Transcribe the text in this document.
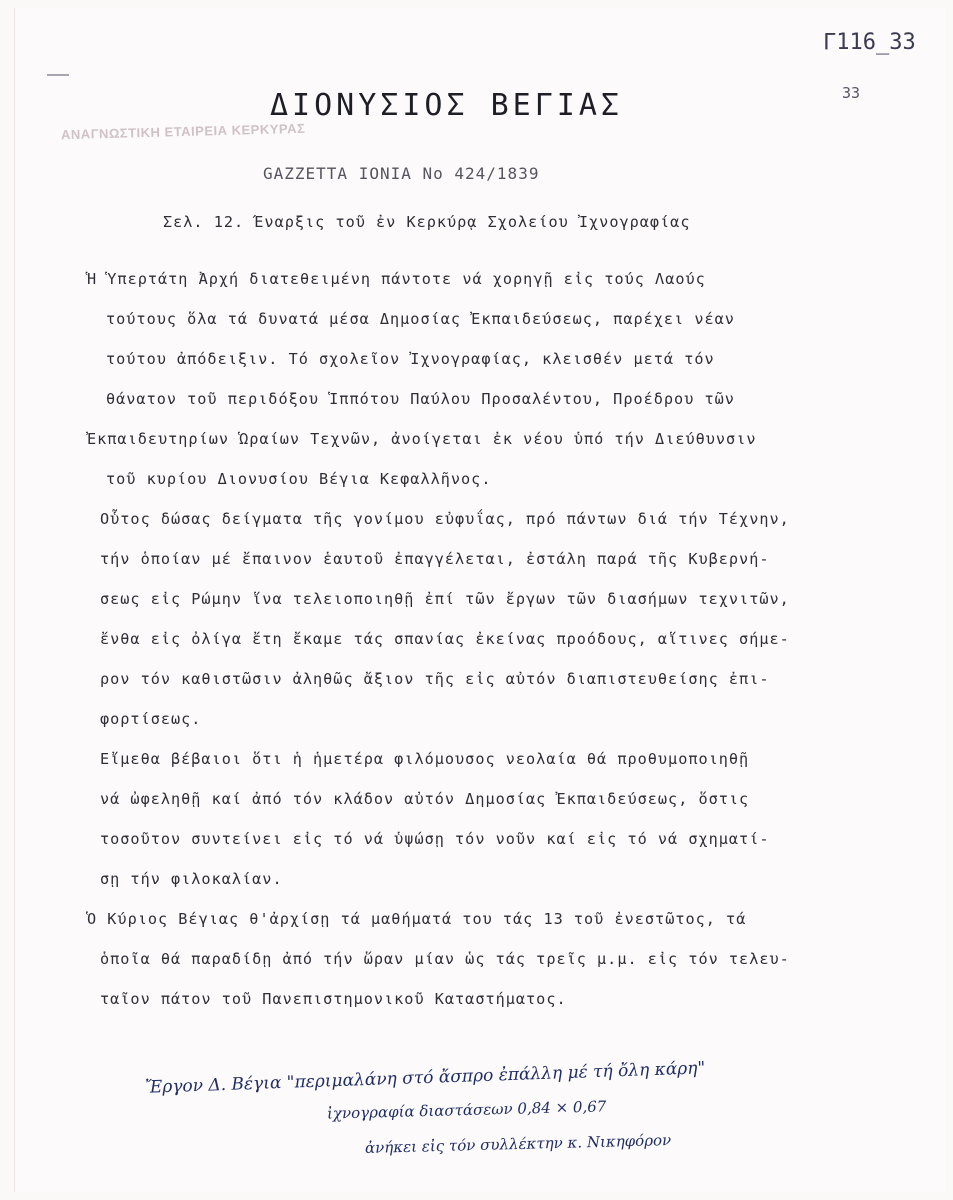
Γ116_33
33
ΑΝΑΓΝΩΣΤΙΚΗ ΕΤΑΙΡΕΙΑ ΚΕΡΚΥΡΑΣ
ΔΙΟΝΥΣΙΟΣ ΒΕΓΙΑΣ
GAZZETTA IONIA No 424/1839
Σελ. 12. Έναρξις τοῦ ἐν Κερκύρᾳ Σχολείου Ἰχνογραφίας
Ἡ Ὑπερτάτη Ἀρχή διατεθειμένη πάντοτε νά χορηγῇ εἰς τούς Λαούς
τούτους ὅλα τά δυνατά μέσα Δημοσίας Ἐκπαιδεύσεως, παρέχει νέαν
τούτου ἀπόδειξιν. Τό σχολεῖον Ἰχνογραφίας, κλεισθέν μετά τόν
θάνατον τοῦ περιδόξου Ἱππότου Παύλου Προσαλέντου, Προέδρου τῶν
Ἐκπαιδευτηρίων Ὡραίων Τεχνῶν, ἀνοίγεται ἐκ νέου ὑπό τήν Διεύθυνσιν
τοῦ κυρίου Διονυσίου Βέγια Κεφαλλῆνος.
Οὗτος δώσας δείγματα τῆς γονίμου εὐφυΐας, πρό πάντων διά τήν Τέχνην,
τήν ὁποίαν μέ ἔπαινον ἑαυτοῦ ἐπαγγέλεται, ἐστάλη παρά τῆς Κυβερνή-
σεως εἰς Ρώμην ἵνα τελειοποιηθῇ ἐπί τῶν ἔργων τῶν διασήμων τεχνιτῶν,
ἔνθα εἰς ὀλίγα ἔτη ἔκαμε τάς σπανίας ἐκείνας προόδους, αἵτινες σήμε-
ρον τόν καθιστῶσιν ἀληθῶς ἄξιον τῆς εἰς αὐτόν διαπιστευθείσης ἐπι-
φορτίσεως.
Εἴμεθα βέβαιοι ὅτι ἡ ἡμετέρα φιλόμουσος νεολαία θά προθυμοποιηθῇ
νά ὠφεληθῇ καί ἀπό τόν κλάδον αὐτόν Δημοσίας Ἐκπαιδεύσεως, ὅστις
τοσοῦτον συντείνει εἰς τό νά ὑψώσῃ τόν νοῦν καί εἰς τό νά σχηματί-
σῃ τήν φιλοκαλίαν.
Ὁ Κύριος Βέγιας θ'ἀρχίσῃ τά μαθήματά του τάς 13 τοῦ ἐνεστῶτος, τά
ὁποῖα θά παραδίδῃ ἀπό τήν ὥραν μίαν ὡς τάς τρεῖς μ.μ. εἰς τόν τελευ-
ταῖον πάτον τοῦ Πανεπιστημονικοῦ Καταστήματος.
Ἔργον Δ. Βέγια "περιμαλάνη στό ἄσπρο ἐπάλλη μέ τή ὄλη κάρη"
ἰχνογραφία διαστάσεων 0,84 × 0,67
ἀνήκει εἰς τόν συλλέκτην κ. Νικηφόρον
